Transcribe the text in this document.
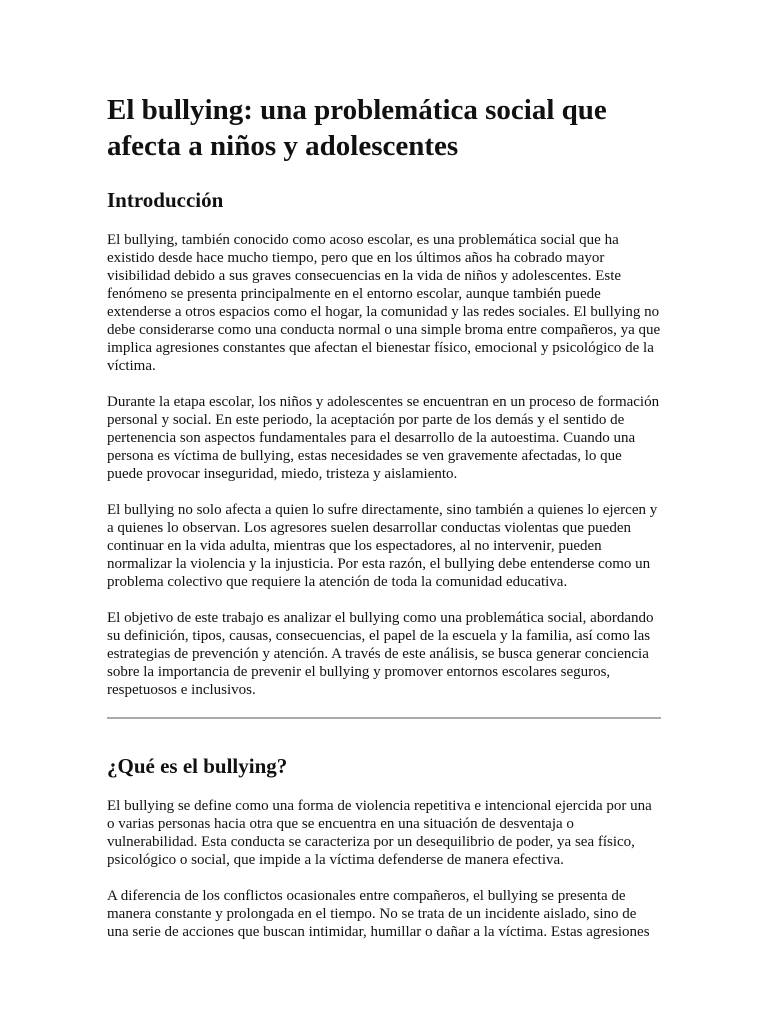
El bullying: una problemática social que afecta a niños y adolescentes
Introducción

El bullying, también conocido como acoso escolar, es una problemática social que ha existido desde hace mucho tiempo, pero que en los últimos años ha cobrado mayor visibilidad debido a sus graves consecuencias en la vida de niños y adolescentes. Este fenómeno se presenta principalmente en el entorno escolar, aunque también puede extenderse a otros espacios como el hogar, la comunidad y las redes sociales. El bullying no debe considerarse como una conducta normal o una simple broma entre compañeros, ya que implica agresiones constantes que afectan el bienestar físico, emocional y psicológico de la víctima.

Durante la etapa escolar, los niños y adolescentes se encuentran en un proceso de formación personal y social. En este periodo, la aceptación por parte de los demás y el sentido de pertenencia son aspectos fundamentales para el desarrollo de la autoestima. Cuando una persona es víctima de bullying, estas necesidades se ven gravemente afectadas, lo que puede provocar inseguridad, miedo, tristeza y aislamiento.

El bullying no solo afecta a quien lo sufre directamente, sino también a quienes lo ejercen y a quienes lo observan. Los agresores suelen desarrollar conductas violentas que pueden continuar en la vida adulta, mientras que los espectadores, al no intervenir, pueden normalizar la violencia y la injusticia. Por esta razón, el bullying debe entenderse como un problema colectivo que requiere la atención de toda la comunidad educativa.

El objetivo de este trabajo es analizar el bullying como una problemática social, abordando su definición, tipos, causas, consecuencias, el papel de la escuela y la familia, así como las estrategias de prevención y atención. A través de este análisis, se busca generar conciencia sobre la importancia de prevenir el bullying y promover entornos escolares seguros, respetuosos e inclusivos.

¿Qué es el bullying?

El bullying se define como una forma de violencia repetitiva e intencional ejercida por una o varias personas hacia otra que se encuentra en una situación de desventaja o vulnerabilidad. Esta conducta se caracteriza por un desequilibrio de poder, ya sea físico, psicológico o social, que impide a la víctima defenderse de manera efectiva.

A diferencia de los conflictos ocasionales entre compañeros, el bullying se presenta de manera constante y prolongada en el tiempo. No se trata de un incidente aislado, sino de una serie de acciones que buscan intimidar, humillar o dañar a la víctima. Estas agresiones
